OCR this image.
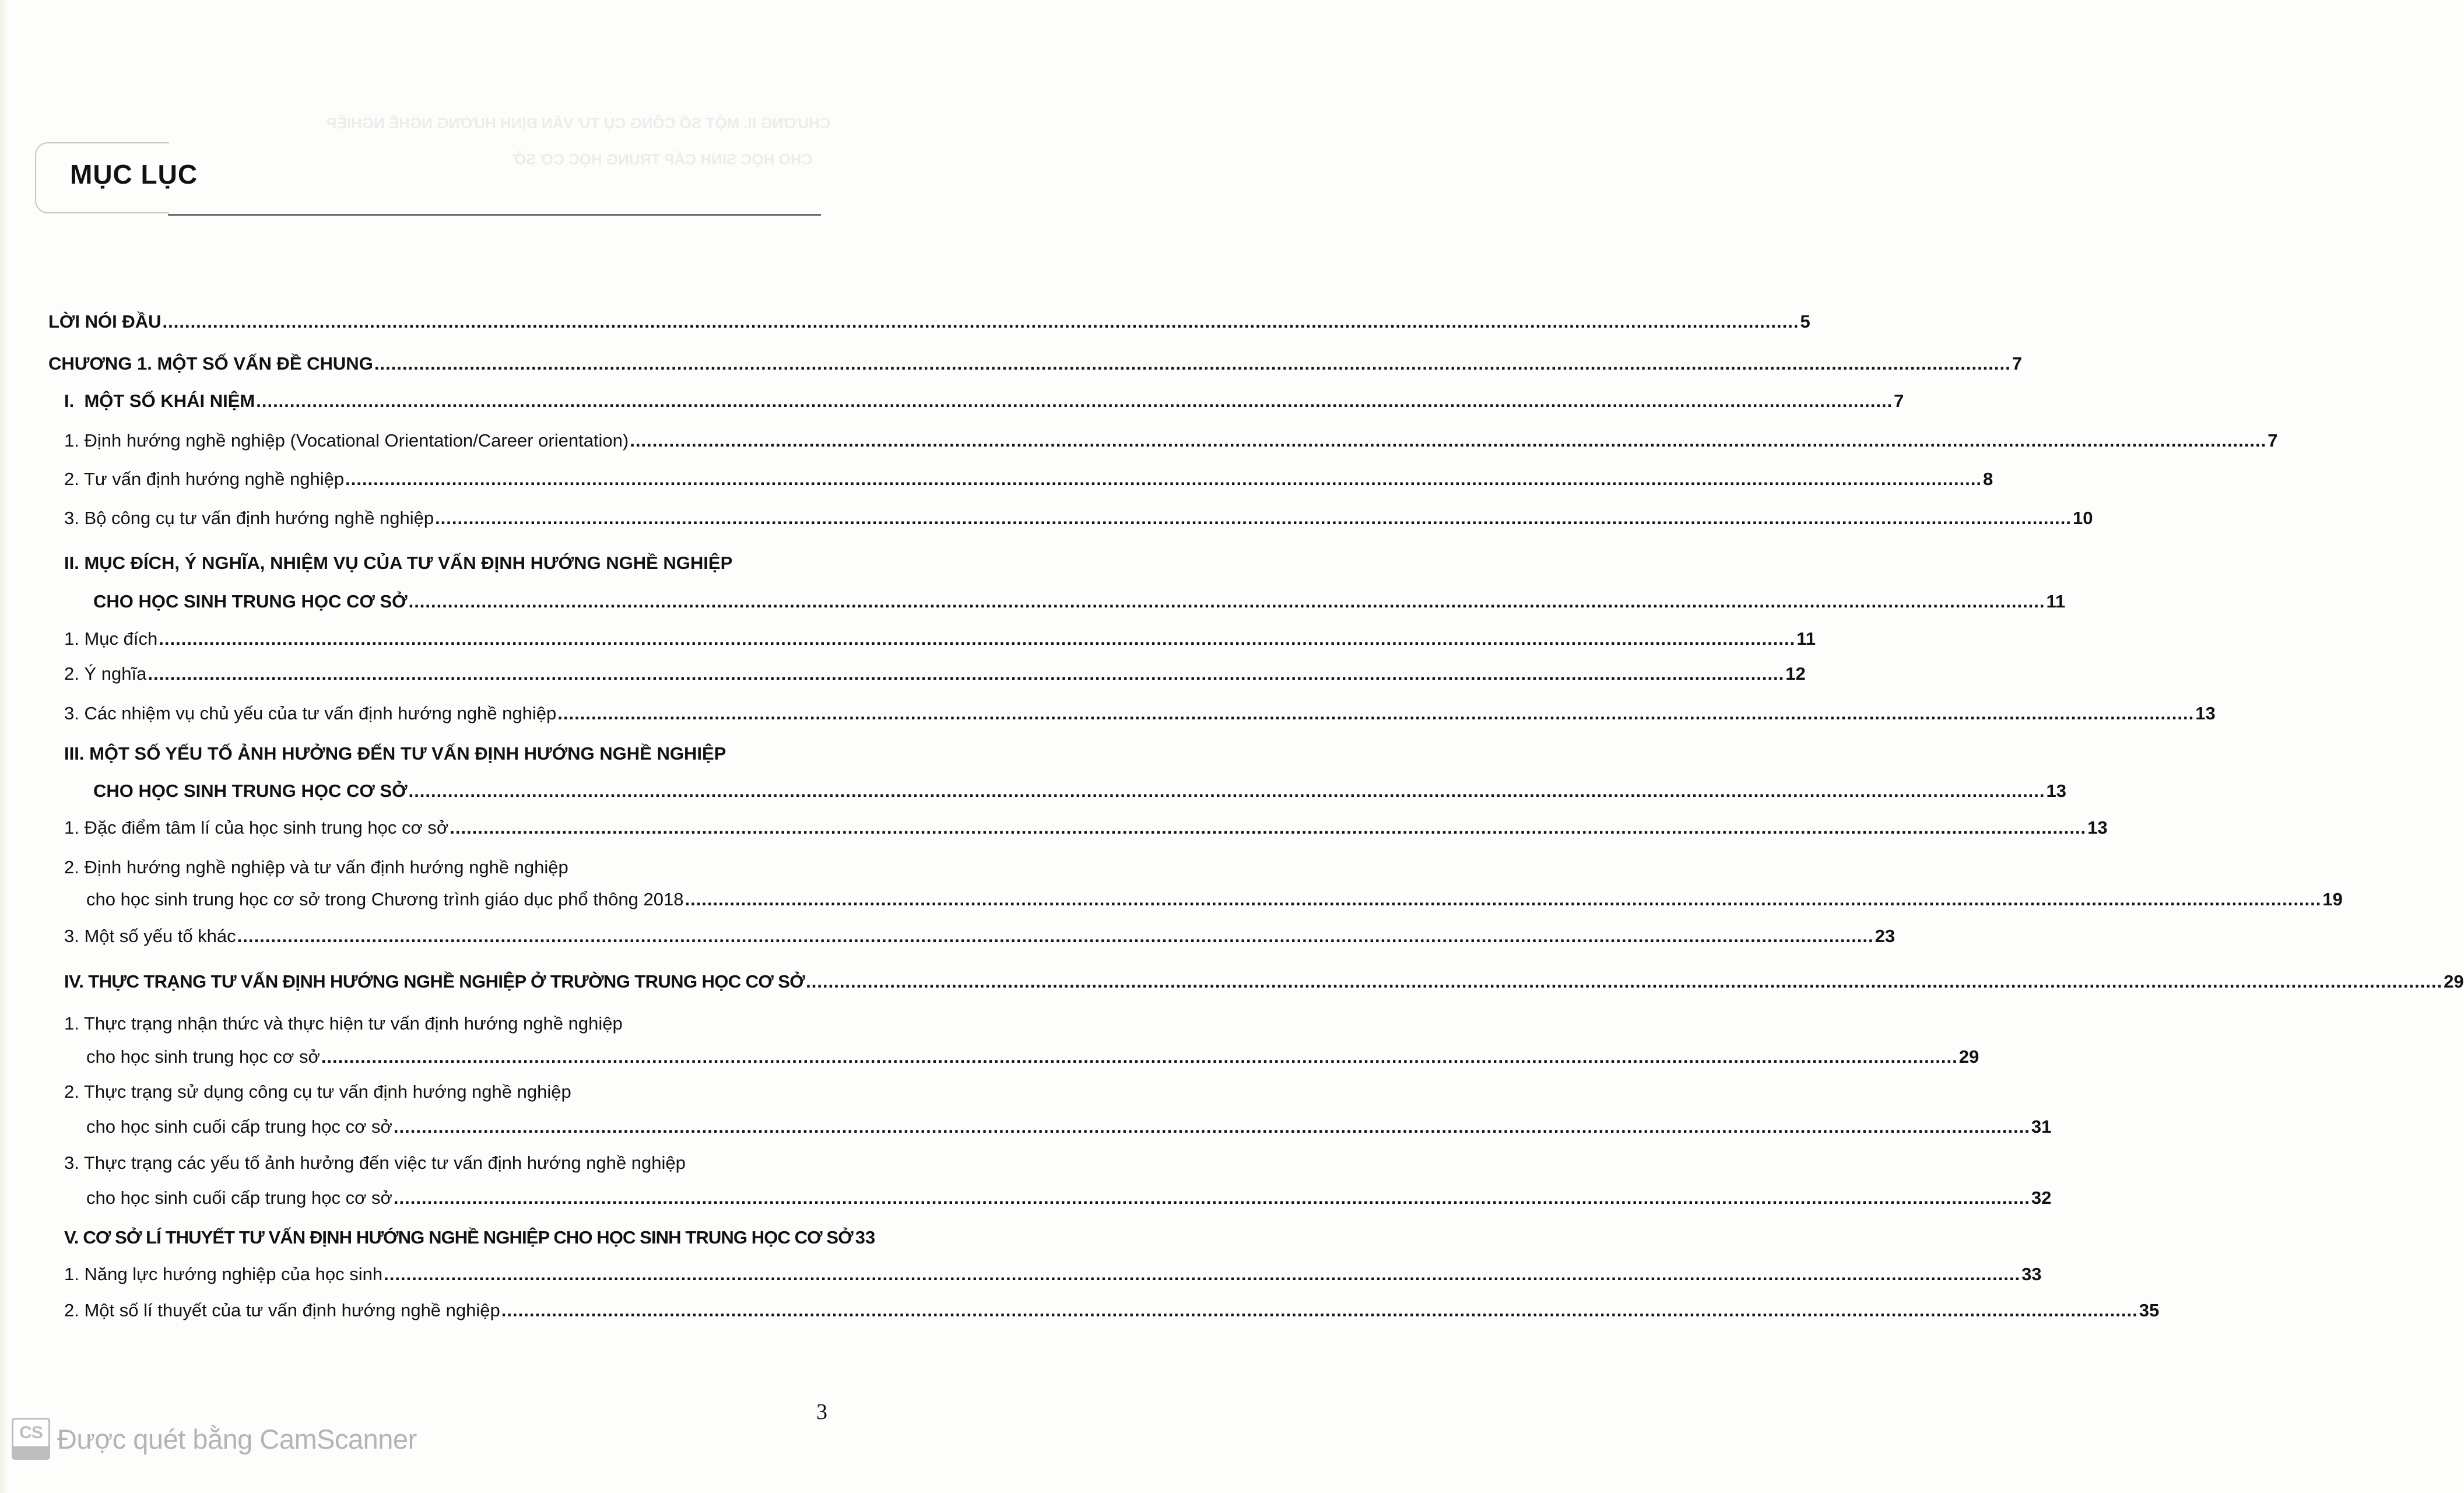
CHƯƠNG II. MỘT SỐ CÔNG CỤ TƯ VẤN ĐỊNH HƯỚNG NGHỀ NGHIỆP
CHO HỌC SINH CẤP TRUNG HỌC CƠ SỞ
MỤC LỤC
LỜI NÓI ĐẦU .................................................................................................................................................................................................................................................................................................... 5
CHƯƠNG 1. MỘT SỐ VẤN ĐỀ CHUNG .................................................................................................................................................................................................................................................................................................... 7
I.  MỘT SỐ KHÁI NIỆM .................................................................................................................................................................................................................................................................................................... 7
1. Định hướng nghề nghiệp (Vocational Orientation/Career orientation) .................................................................................................................................................................................................................................................................................................... 7
2. Tư vấn định hướng nghề nghiệp .................................................................................................................................................................................................................................................................................................... 8
3. Bộ công cụ tư vấn định hướng nghề nghiệp .................................................................................................................................................................................................................................................................................................... 10
II. MỤC ĐÍCH, Ý NGHĨA, NHIỆM VỤ CỦA TƯ VẤN ĐỊNH HƯỚNG NGHỀ NGHIỆP
CHO HỌC SINH TRUNG HỌC CƠ SỞ .................................................................................................................................................................................................................................................................................................... 11
1. Mục đích .................................................................................................................................................................................................................................................................................................... 11
2. Ý nghĩa .................................................................................................................................................................................................................................................................................................... 12
3. Các nhiệm vụ chủ yếu của tư vấn định hướng nghề nghiệp .................................................................................................................................................................................................................................................................................................... 13
III. MỘT SỐ YẾU TỐ ẢNH HƯỞNG ĐẾN TƯ VẤN ĐỊNH HƯỚNG NGHỀ NGHIỆP
CHO HỌC SINH TRUNG HỌC CƠ SỞ .................................................................................................................................................................................................................................................................................................... 13
1. Đặc điểm tâm lí của học sinh trung học cơ sở .................................................................................................................................................................................................................................................................................................... 13
2. Định hướng nghề nghiệp và tư vấn định hướng nghề nghiệp
cho học sinh trung học cơ sở trong Chương trình giáo dục phổ thông 2018 .................................................................................................................................................................................................................................................................................................... 19
3. Một số yếu tố khác .................................................................................................................................................................................................................................................................................................... 23
IV. THỰC TRẠNG TƯ VẤN ĐỊNH HƯỚNG NGHỀ NGHIỆP Ở TRƯỜNG TRUNG HỌC CƠ SỞ .................................................................................................................................................................................................................................................................................................... 29
1. Thực trạng nhận thức và thực hiện tư vấn định hướng nghề nghiệp
cho học sinh trung học cơ sở .................................................................................................................................................................................................................................................................................................... 29
2. Thực trạng sử dụng công cụ tư vấn định hướng nghề nghiệp
cho học sinh cuối cấp trung học cơ sở .................................................................................................................................................................................................................................................................................................... 31
3. Thực trạng các yếu tố ảnh hưởng đến việc tư vấn định hướng nghề nghiệp
cho học sinh cuối cấp trung học cơ sở .................................................................................................................................................................................................................................................................................................... 32
V. CƠ SỞ LÍ THUYẾT TƯ VẤN ĐỊNH HƯỚNG NGHỀ NGHIỆP CHO HỌC SINH TRUNG HỌC CƠ SỞ 33
1. Năng lực hướng nghiệp của học sinh .................................................................................................................................................................................................................................................................................................... 33
2. Một số lí thuyết của tư vấn định hướng nghề nghiệp .................................................................................................................................................................................................................................................................................................... 35
3
CS Được quét bằng CamScanner
